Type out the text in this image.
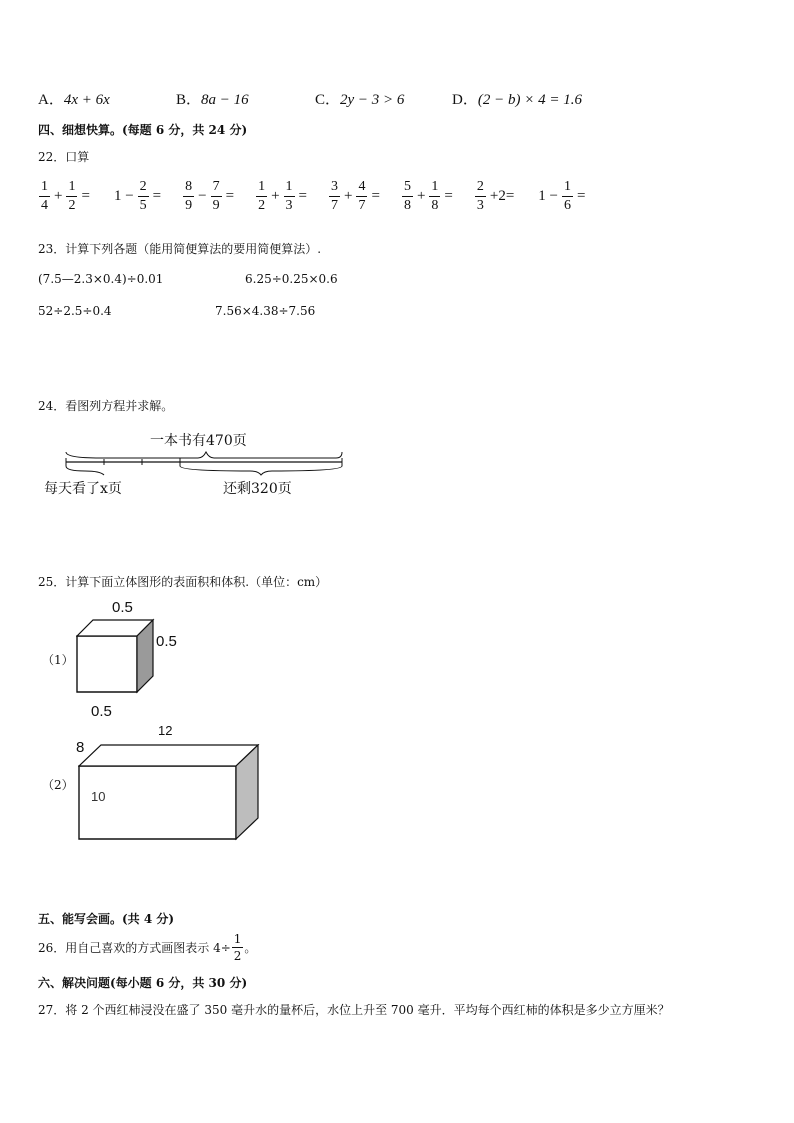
A．4x + 6x	B．8a − 16	C．2y − 3 > 6	D．(2 − b) × 4 = 1.6
四、细想快算。(每题 6 分，共 24 分)
22．口算
$\frac{1}{4} + \frac{1}{2} = 1 - \frac{2}{5} = \frac{8}{9} - \frac{7}{9} = \frac{1}{2} + \frac{1}{3} = \frac{3}{7} + \frac{4}{7} = \frac{5}{8} + \frac{1}{8} = \frac{2}{3} +2= 1 - \frac{1}{6}$ =
23．计算下列各题（能用简便算法的要用简便算法）.
(7.5—2.3×0.4)÷0.01	6.25÷0.25×0.6
52÷2.5÷0.4	7.56×4.38÷7.56
24．看图列方程并求解。
一本书有470页
每天看了x页	还剩320页
25．计算下面立体图形的表面积和体积.（单位：cm）
（1）
0.5
0.5
0.5
（2）
12
8
10
五、能写会画。(共 4 分)
26．用自己喜欢的方式画图表示 $4\div \frac{1}{2}$ 。
六、解决问题(每小题 6 分，共 30 分)
27．将 2 个西红柿浸没在盛了 350 毫升水的量杯后，水位上升至 700 毫升．平均每个西红柿的体积是多少立方厘米？
